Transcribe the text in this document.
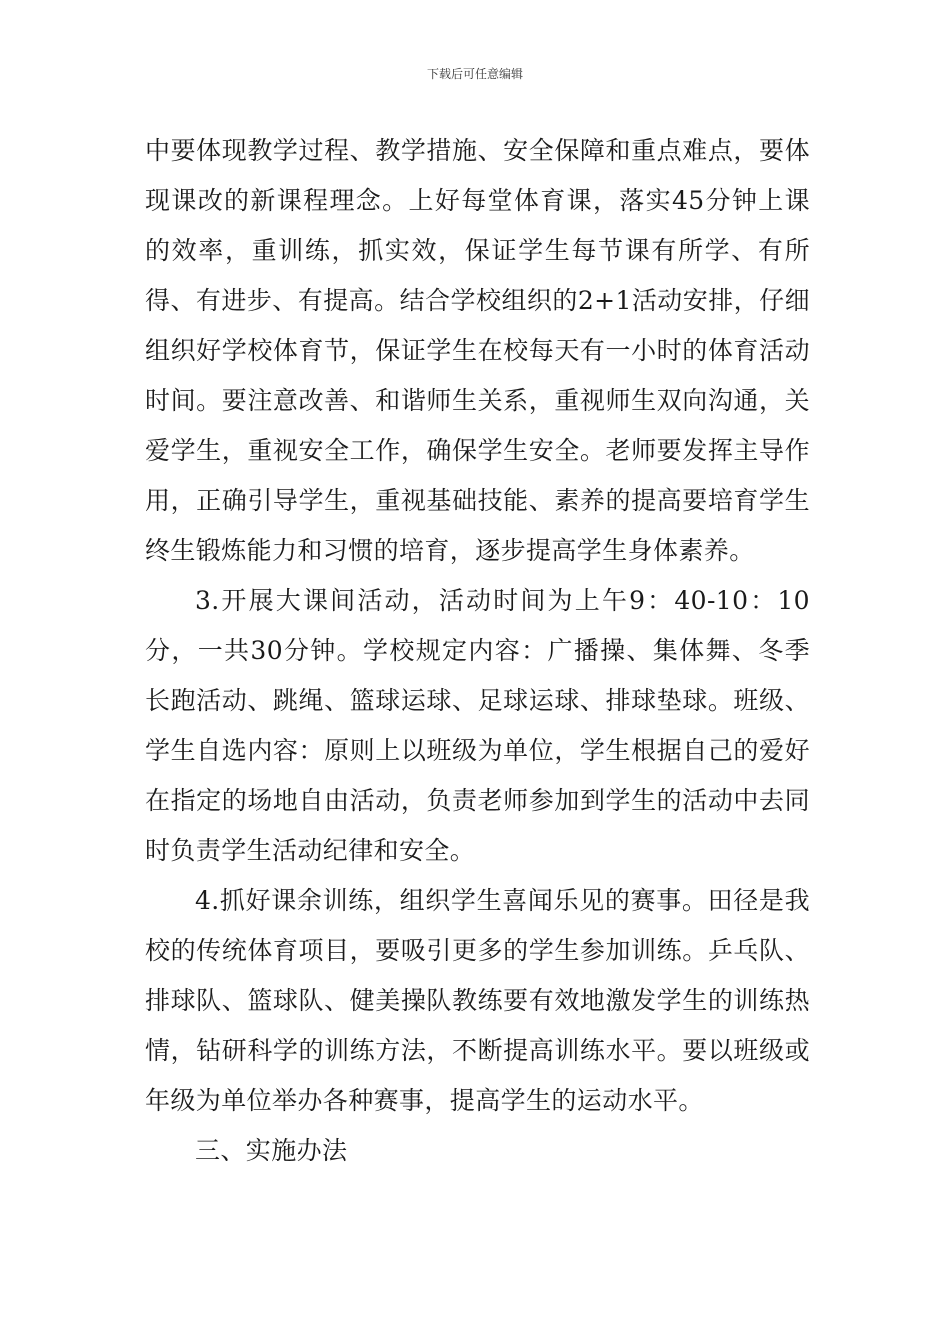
下载后可任意编辑

中要体现教学过程、教学措施、安全保障和重点难点，要体现课改的新课程理念。上好每堂体育课，落实45分钟上课的效率，重训练，抓实效，保证学生每节课有所学、有所得、有进步、有提高。结合学校组织的2+1活动安排，仔细组织好学校体育节，保证学生在校每天有一小时的体育活动时间。要注意改善、和谐师生关系，重视师生双向沟通，关爱学生，重视安全工作，确保学生安全。老师要发挥主导作用，正确引导学生，重视基础技能、素养的提高要培育学生终生锻炼能力和习惯的培育，逐步提高学生身体素养。

3.开展大课间活动，活动时间为上午9：40-10：10分，一共30分钟。学校规定内容：广播操、集体舞、冬季长跑活动、跳绳、篮球运球、足球运球、排球垫球。班级、学生自选内容：原则上以班级为单位，学生根据自己的爱好在指定的场地自由活动，负责老师参加到学生的活动中去同时负责学生活动纪律和安全。

4.抓好课余训练，组织学生喜闻乐见的赛事。田径是我校的传统体育项目，要吸引更多的学生参加训练。乒乓队、排球队、篮球队、健美操队教练要有效地激发学生的训练热情，钻研科学的训练方法，不断提高训练水平。要以班级或年级为单位举办各种赛事，提高学生的运动水平。

三、实施办法
